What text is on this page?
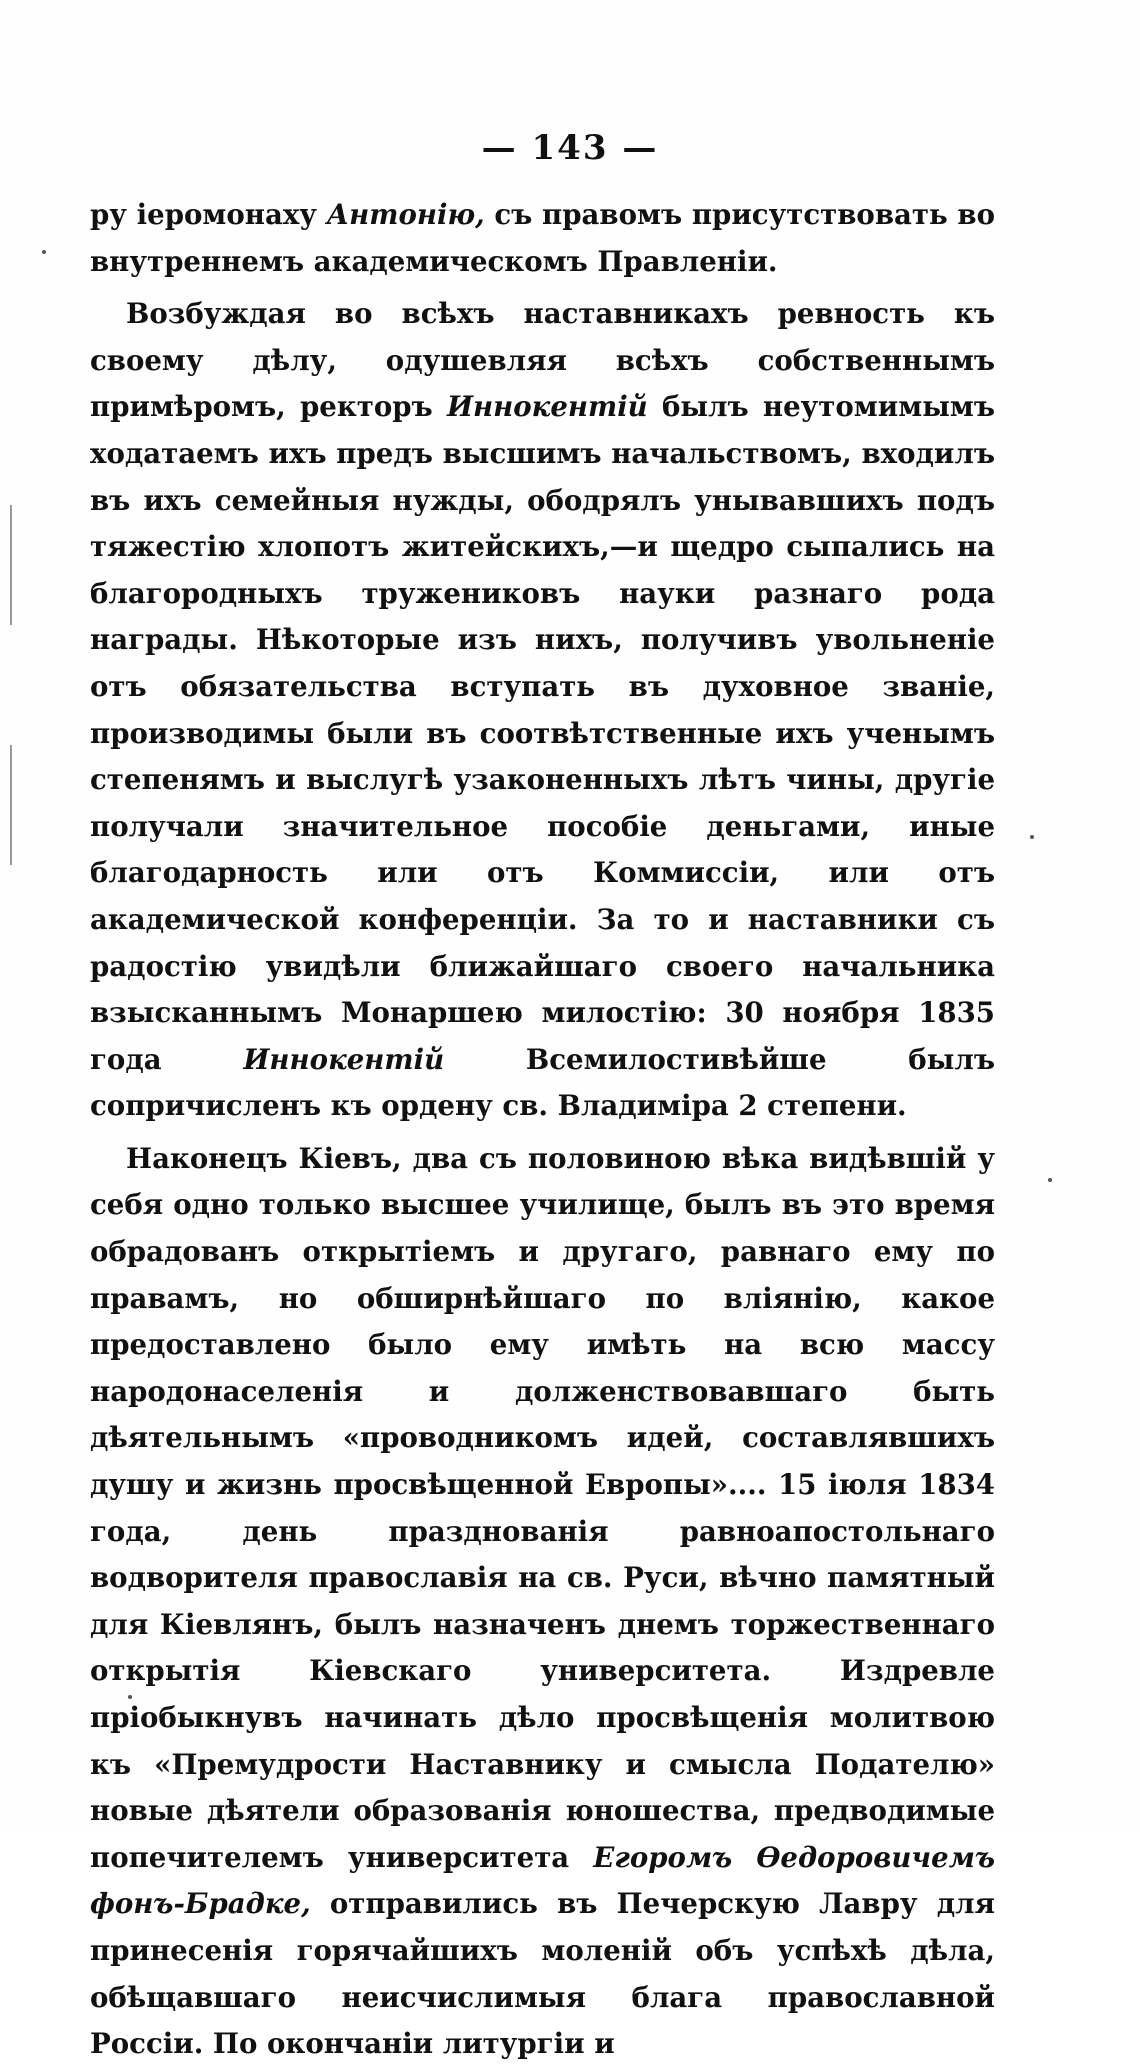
— 143 —

ру іеромонаху Антонію, съ правомъ присутствовать во внутреннемъ академическомъ Правленіи.

Возбуждая во всѣхъ наставникахъ ревность къ своему дѣлу, одушевляя всѣхъ собственнымъ примѣромъ, ректоръ Иннокентій былъ неутомимымъ ходатаемъ ихъ предъ высшимъ начальствомъ, входилъ въ ихъ семейныя нужды, ободрялъ унывавшихъ подъ тяжестію хлопотъ житейскихъ,—и щедро сыпались на благородныхъ тружениковъ науки разнаго рода награды. Нѣкоторые изъ нихъ, получивъ увольненіе отъ обязательства вступать въ духовное званіе, производимы были въ соотвѣтственные ихъ ученымъ степенямъ и выслугѣ узаконенныхъ лѣтъ чины, другіе получали значительное пособіе деньгами, иные благодарность или отъ Коммиссіи, или отъ академической конференціи. За то и наставники съ радостію увидѣли ближайшаго своего начальника взысканнымъ Монаршею милостію: 30 ноября 1835 года Иннокентій Всемилостивѣйше былъ сопричисленъ къ ордену св. Владиміра 2 степени.

Наконецъ Кіевъ, два съ половиною вѣка видѣвшій у себя одно только высшее училище, былъ въ это время обрадованъ открытіемъ и другаго, равнаго ему по правамъ, но обширнѣйшаго по вліянію, какое предоставлено было ему имѣть на всю массу народонаселенія и долженствовавшаго быть дѣятельнымъ «проводникомъ идей, составлявшихъ душу и жизнь просвѣщенной Европы».... 15 іюля 1834 года, день празднованія равноапостольнаго водворителя православія на св. Руси, вѣчно памятный для Кіевлянъ, былъ назначенъ днемъ торжественнаго открытія Кіевскаго университета. Издревле пріобыкнувъ начинать дѣло просвѣщенія молитвою къ «Премудрости Наставнику и смысла Подателю» новые дѣятели образованія юношества, предводимые попечителемъ университета Егоромъ Ѳедоровичемъ фонъ-Брадке, отправились въ Печерскую Лавру для принесенія горячайшихъ моленій объ успѣхѣ дѣла, обѣщавшаго неисчислимыя блага православной Россіи. По окончаніи литургіи и
